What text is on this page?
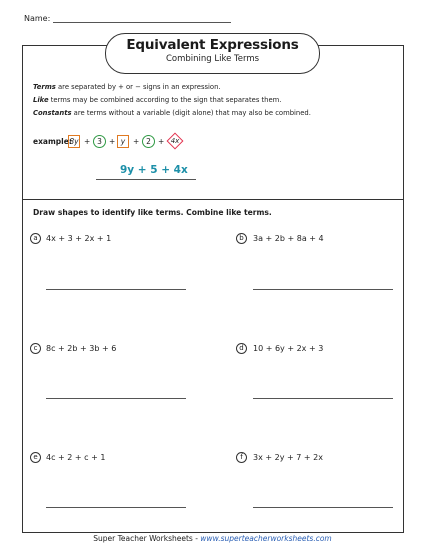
Name:
Equivalent Expressions
Combining Like Terms
Terms are separated by + or − signs in an expression.
Like terms may be combined according to the sign that separates them.
Constants are terms without a variable (digit alone) that may also be combined.
example:
8y + 3 + y	+ 2 + 4x
9y + 5 + 4x
Draw shapes to identify like terms. Combine like terms.
a	4x + 3 + 2x + 1	b	3a + 2b + 8a + 4
c	8c + 2b + 3b + 6	d	10 + 6y + 2x + 3
e	4c + 2 + c + 1	f	3x + 2y + 7 + 2x
Super Teacher Worksheets - www.superteacherworksheets.com
